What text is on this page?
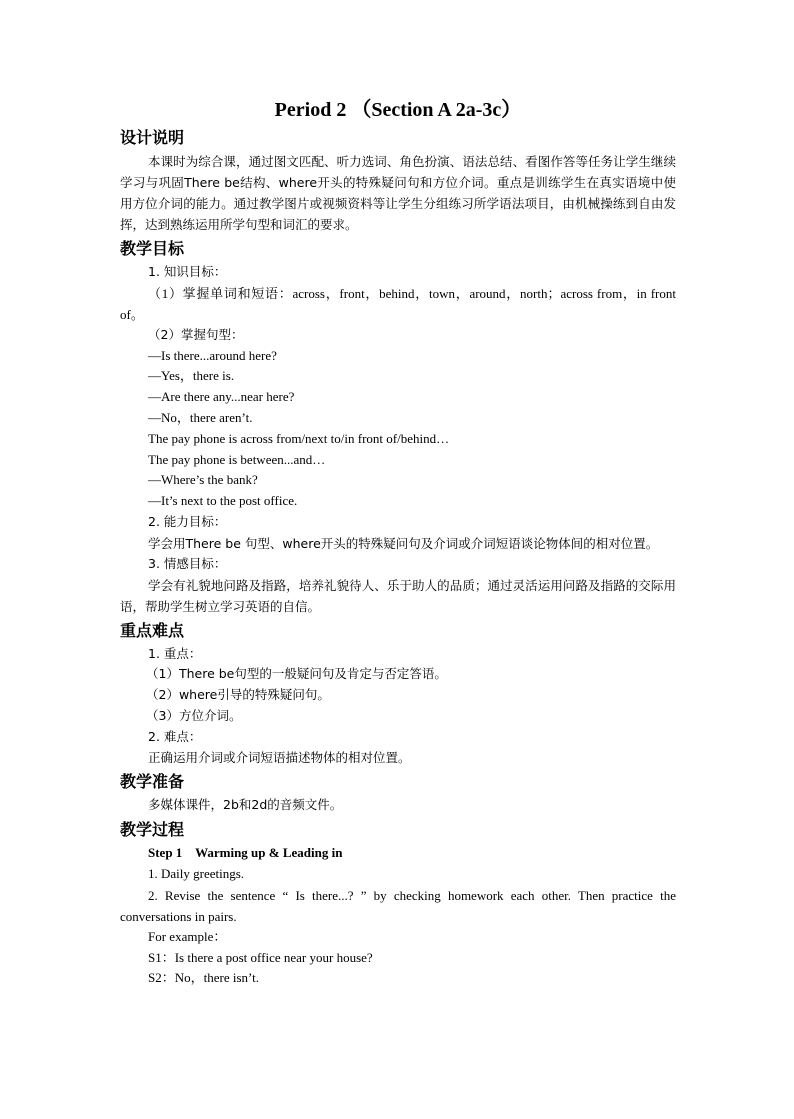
Period 2 （Section A 2a-3c）
设计说明

本课时为综合课，通过图文匹配、听力选词、角色扮演、语法总结、看图作答等任务让学生继续学习与巩固There be结构、where开头的特殊疑问句和方位介词。重点是训练学生在真实语境中使用方位介词的能力。通过教学图片或视频资料等让学生分组练习所学语法项目，由机械操练到自由发挥，达到熟练运用所学句型和词汇的要求。

教学目标
1. 知识目标：

（1）掌握单词和短语：across，front，behind，town，around，north；across from，in front of。

（2）掌握句型：
—Is there...around here?
—Yes，there is.
—Are there any...near here?
—No，there aren’t.
The pay phone is across from/next to/in front of/behind…
The pay phone is between...and…
—Where’s the bank?
—It’s next to the post office.
2. 能力目标：

学会用There be 句型、where开头的特殊疑问句及介词或介词短语谈论物体间的相对位置。

3. 情感目标：

学会有礼貌地问路及指路，培养礼貌待人、乐于助人的品质；通过灵活运用问路及指路的交际用语，帮助学生树立学习英语的自信。

重点难点
1. 重点：
（1）There be句型的一般疑问句及肯定与否定答语。
（2）where引导的特殊疑问句。
（3）方位介词。
2. 难点：
正确运用介词或介词短语描述物体的相对位置。
教学准备
多媒体课件，2b和2d的音频文件。
教学过程
Step 1    Warming up & Leading in
1. Daily greetings.

2. Revise the sentence “ Is there...? ” by checking homework each other. Then practice the conversations in pairs.

For example：
S1：Is there a post office near your house?
S2：No，there isn’t.
